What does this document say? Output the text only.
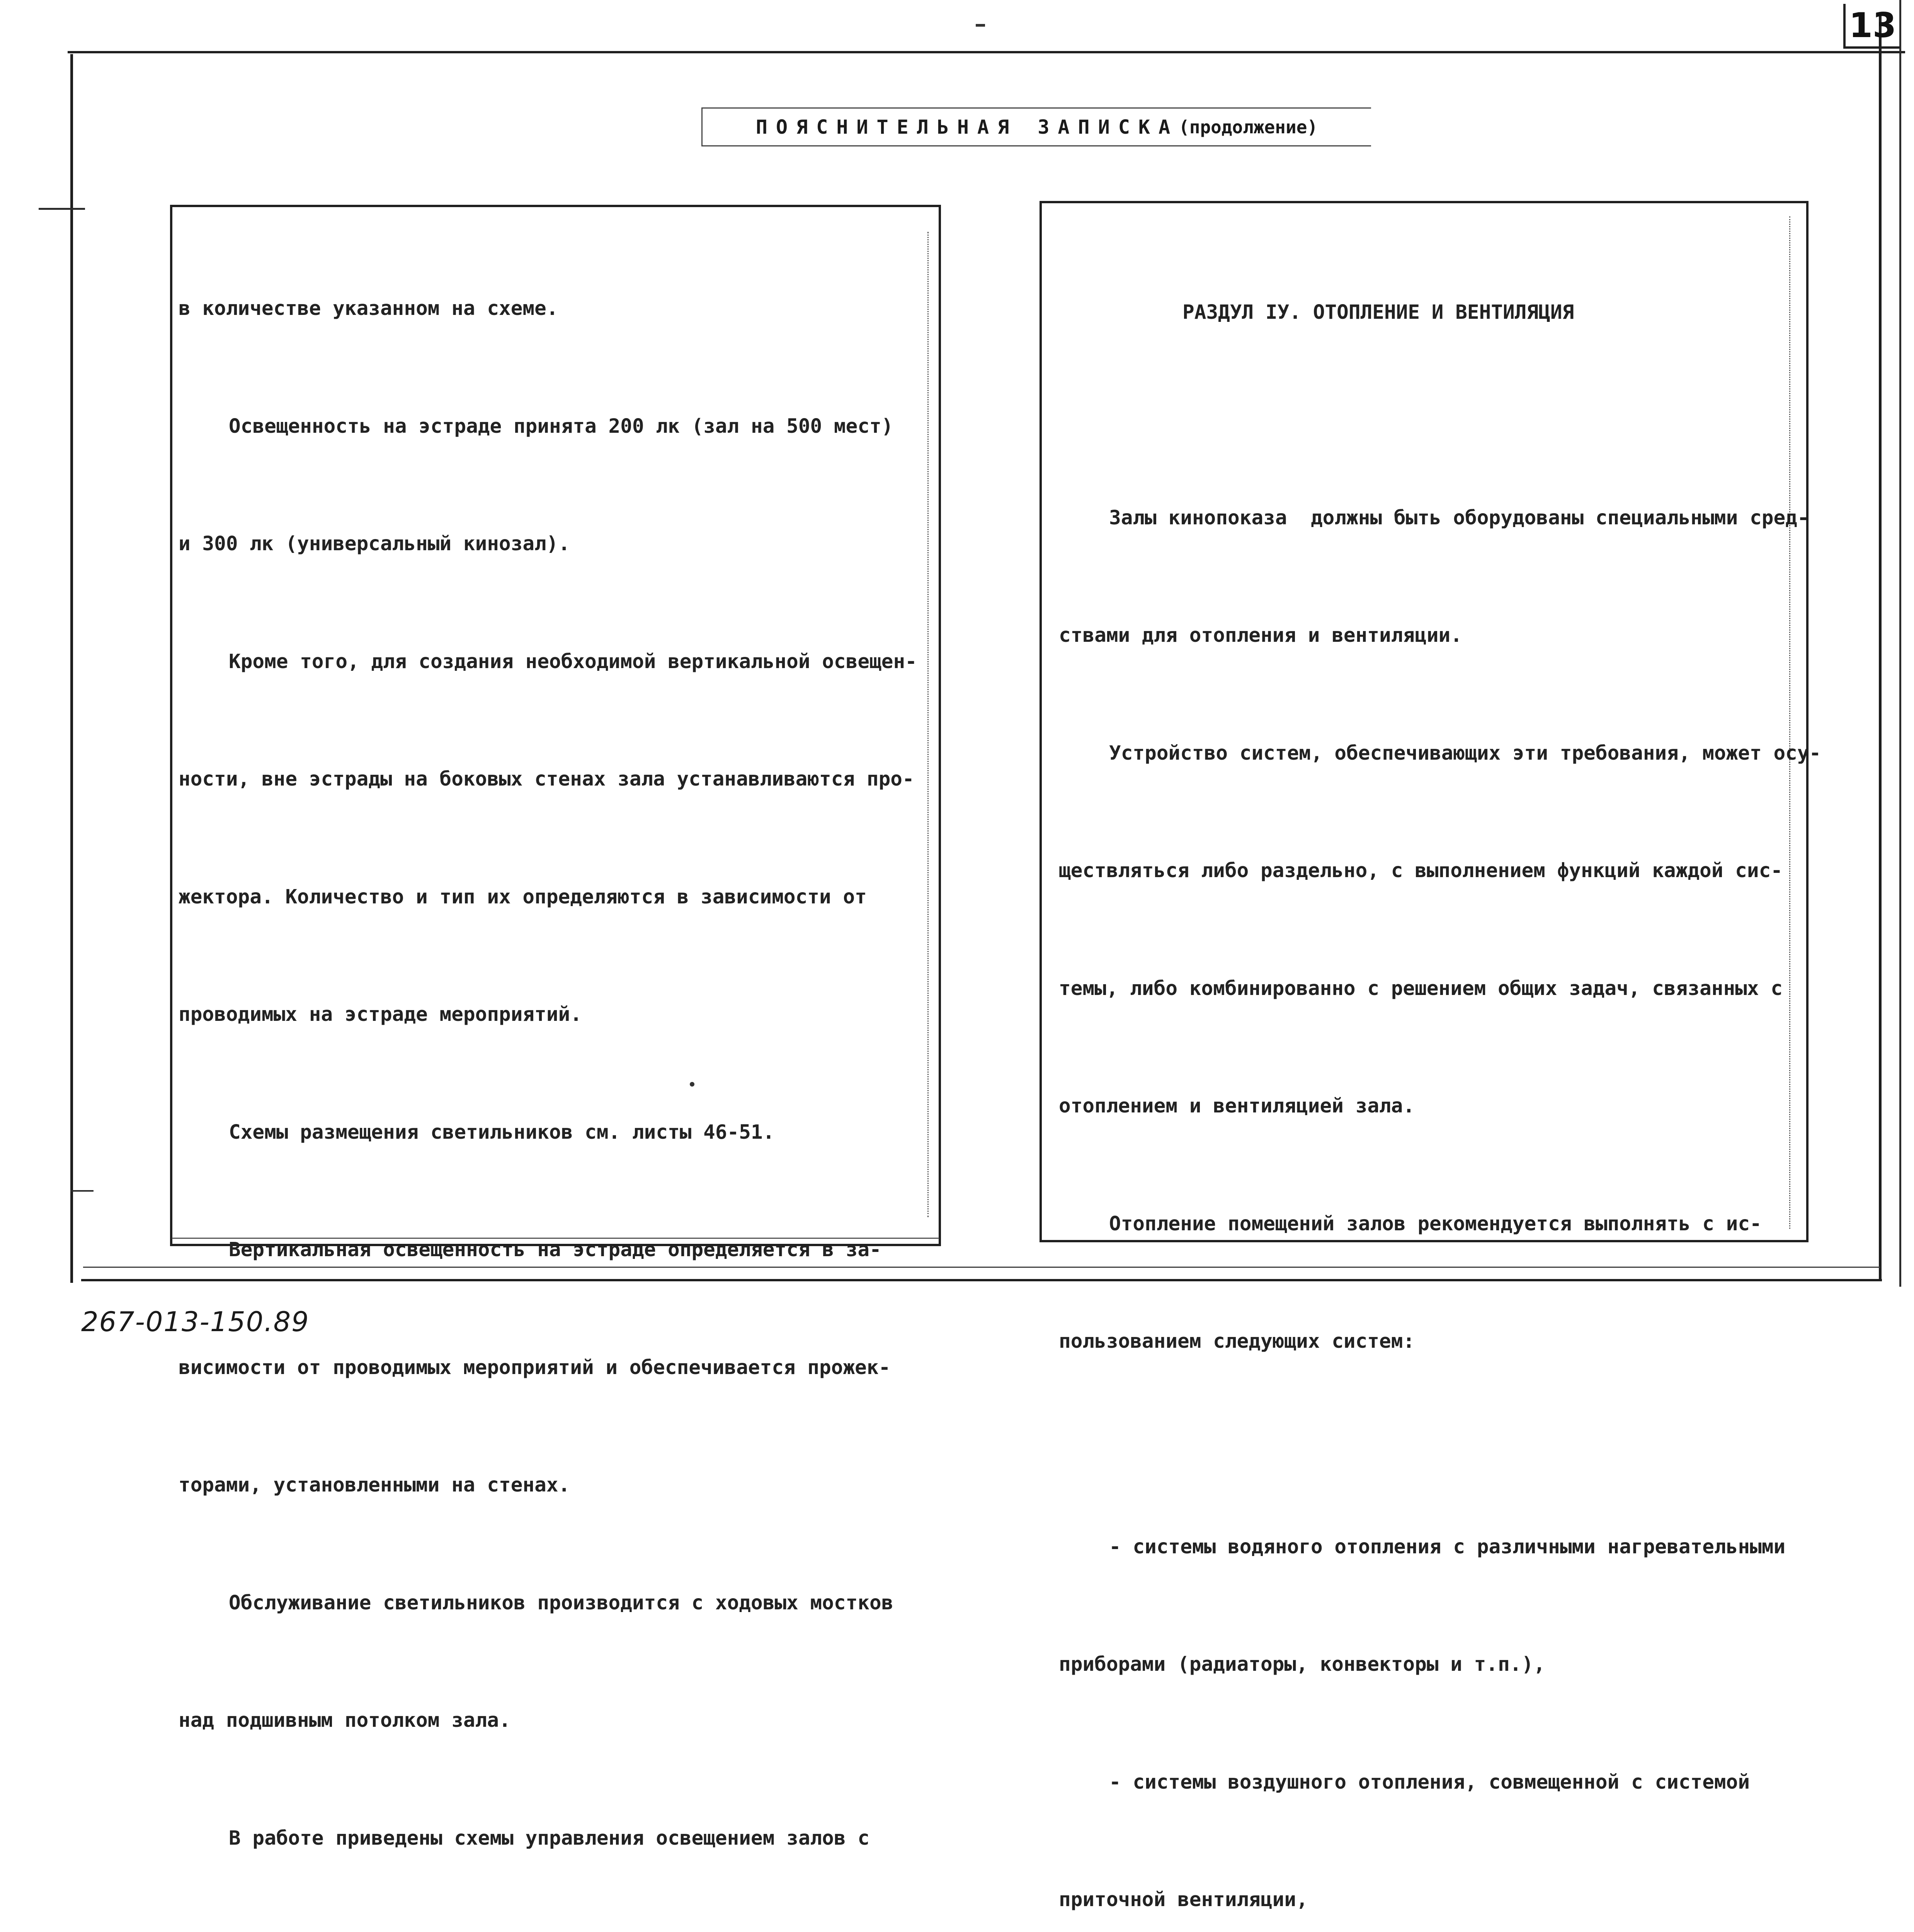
13
ПОЯСНИТЕЛЬНАЯ ЗАПИСКА (продолжение)

в количестве указанном на схеме.

Освещенность на эстраде принята 200 лк (зал на 500 мест)

и 300 лк (универсальный кинозал).

Кроме того, для создания необходимой вертикальной освещен-

ности, вне эстрады на боковых стенах зала устанавливаются про-

жектора. Количество и тип их определяются в зависимости от

проводимых на эстраде мероприятий.

Схемы размещения светильников см. листы 46-51.

Вертикальная освещенность на эстраде определяется в за-

висимости от проводимых мероприятий и обеспечивается прожек-

торами, установленными на стенах.

Обслуживание светильников производится с ходовых мостков

над подшивным потолком зала.

В работе приведены схемы управления освещением залов с

РАЗДУЛ IУ. ОТОПЛЕНИЕ И ВЕНТИЛЯЦИЯ

Залы кинопоказа  должны быть оборудованы специальными сред-

ствами для отопления и вентиляции.

Устройство систем, обеспечивающих эти требования, может осу-

ществляться либо раздельно, с выполнением функций каждой сис-

темы, либо комбинированно с решением общих задач, связанных с

отоплением и вентиляцией зала.

Отопление помещений залов рекомендуется выполнять с ис-

пользованием следующих систем:

- системы водяного отопления с различными нагревательными

приборами (радиаторы, конвекторы и т.п.),

- системы воздушного отопления, совмещенной с системой

приточной вентиляции,

267-013-150.89
